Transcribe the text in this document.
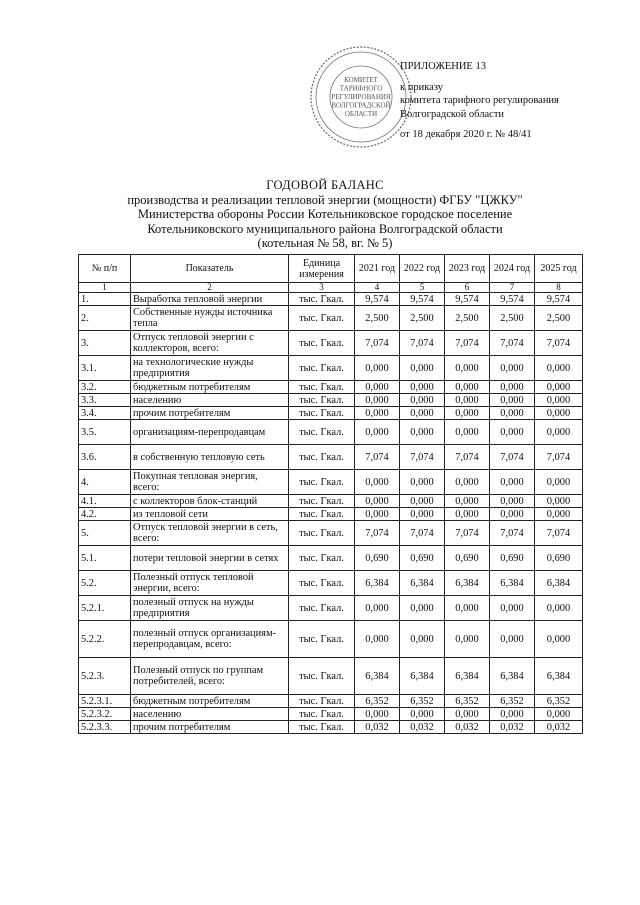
КОМИТЕТ
ТАРИФНОГО
РЕГУЛИРОВАНИЯ
ВОЛГОГРАДСКОЙ
ОБЛАСТИ
ПРИЛОЖЕНИЕ 13
к приказу
комитета тарифного регулирования
Волгоградской области
от 18 декабря 2020 г. № 48/41
ГОДОВОЙ БАЛАНС
производства и реализации тепловой энергии (мощности) ФГБУ "ЦЖКУ"
Министерства обороны России Котельниковское городское поселение
Котельниковского муниципального района Волгоградской области
(котельная № 58, вг. № 5)
№ п/п	Показатель	Единица измерения	2021 год	2022 год	2023 год	2024 год	2025 год
1	2	3	4	5	6	7	8
1.	Выработка тепловой энергии	тыс. Гкал.	9,574	9,574	9,574	9,574	9,574
2.	Собственные нужды источника тепла	тыс. Гкал.	2,500	2,500	2,500	2,500	2,500
3.	Отпуск тепловой энергии с коллекторов, всего:	тыс. Гкал.	7,074	7,074	7,074	7,074	7,074
3.1.	на технологические нужды предприятия	тыс. Гкал.	0,000	0,000	0,000	0,000	0,000
3.2.	бюджетным потребителям	тыс. Гкал.	0,000	0,000	0,000	0,000	0,000
3.3.	населению	тыс. Гкал.	0,000	0,000	0,000	0,000	0,000
3.4.	прочим потребителям	тыс. Гкал.	0,000	0,000	0,000	0,000	0,000
3.5.	организациям-перепродавцам	тыс. Гкал.	0,000	0,000	0,000	0,000	0,000
3.6.	в собственную тепловую сеть	тыс. Гкал.	7,074	7,074	7,074	7,074	7,074
4.	Покупная тепловая энергия, всего:	тыс. Гкал.	0,000	0,000	0,000	0,000	0,000
4.1.	с коллекторов блок-станций	тыс. Гкал.	0,000	0,000	0,000	0,000	0,000
4.2.	из тепловой сети	тыс. Гкал.	0,000	0,000	0,000	0,000	0,000
5.	Отпуск тепловой энергии в сеть, всего:	тыс. Гкал.	7,074	7,074	7,074	7,074	7,074
5.1.	потери тепловой энергии в сетях	тыс. Гкал.	0,690	0,690	0,690	0,690	0,690
5.2.	Полезный отпуск тепловой энергии, всего:	тыс. Гкал.	6,384	6,384	6,384	6,384	6,384
5.2.1.	полезный отпуск на нужды предприятия	тыс. Гкал.	0,000	0,000	0,000	0,000	0,000
5.2.2.	полезный отпуск организациям-перепродавцам, всего:	тыс. Гкал.	0,000	0,000	0,000	0,000	0,000
5.2.3.	Полезный отпуск по группам потребителей, всего:	тыс. Гкал.	6,384	6,384	6,384	6,384	6,384
5.2.3.1.	бюджетным потребителям	тыс. Гкал.	6,352	6,352	6,352	6,352	6,352
5.2.3.2.	населению	тыс. Гкал.	0,000	0,000	0,000	0,000	0,000
5.2.3.3.	прочим потребителям	тыс. Гкал.	0,032	0,032	0,032	0,032	0,032
